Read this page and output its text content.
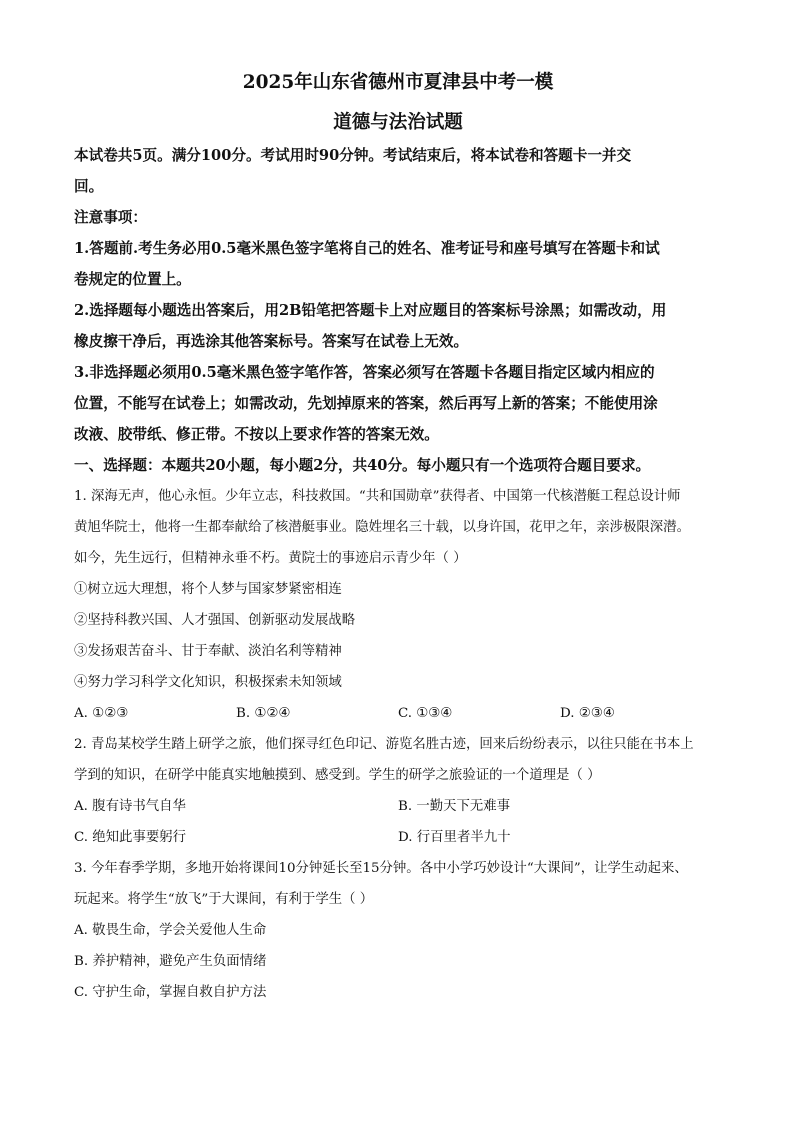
2025年山东省德州市夏津县中考一模

道德与法治试题

本试卷共5页。满分100分。考试用时90分钟。考试结束后，将本试卷和答题卡一并交

回。

注意事项：

1.答题前.考生务必用0.5毫米黑色签字笔将自己的姓名、准考证号和座号填写在答题卡和试

卷规定的位置上。

2.选择题每小题选出答案后，用2B铅笔把答题卡上对应题目的答案标号涂黑；如需改动，用

橡皮擦干净后，再选涂其他答案标号。答案写在试卷上无效。

3.非选择题必须用0.5毫米黑色签字笔作答，答案必须写在答题卡各题目指定区域内相应的

位置，不能写在试卷上；如需改动，先划掉原来的答案，然后再写上新的答案；不能使用涂

改液、胶带纸、修正带。不按以上要求作答的答案无效。

一、选择题：本题共20小题，每小题2分，共40分。每小题只有一个选项符合题目要求。

1. 深海无声，他心永恒。少年立志，科技救国。“共和国勋章”获得者、中国第一代核潜艇工程总设计师

黄旭华院士，他将一生都奉献给了核潜艇事业。隐姓埋名三十载，以身许国，花甲之年，亲涉极限深潜。

如今，先生远行，但精神永垂不朽。黄院士的事迹启示青少年（ ）

①树立远大理想，将个人梦与国家梦紧密相连

②坚持科教兴国、人才强国、创新驱动发展战略

③发扬艰苦奋斗、甘于奉献、淡泊名利等精神

④努力学习科学文化知识，积极探索未知领域

A. ①②③	B. ①②④	C. ①③④	D. ②③④

2. 青岛某校学生踏上研学之旅，他们探寻红色印记、游览名胜古迹，回来后纷纷表示，以往只能在书本上

学到的知识，在研学中能真实地触摸到、感受到。学生的研学之旅验证的一个道理是（ ）

A. 腹有诗书气自华	B. 一勤天下无难事
C. 绝知此事要躬行	D. 行百里者半九十

3. 今年春季学期，多地开始将课间10分钟延长至15分钟。各中小学巧妙设计“大课间”，让学生动起来、

玩起来。将学生“放飞”于大课间，有利于学生（ ）

A. 敬畏生命，学会关爱他人生命
B. 养护精神，避免产生负面情绪
C. 守护生命，掌握自救自护方法
